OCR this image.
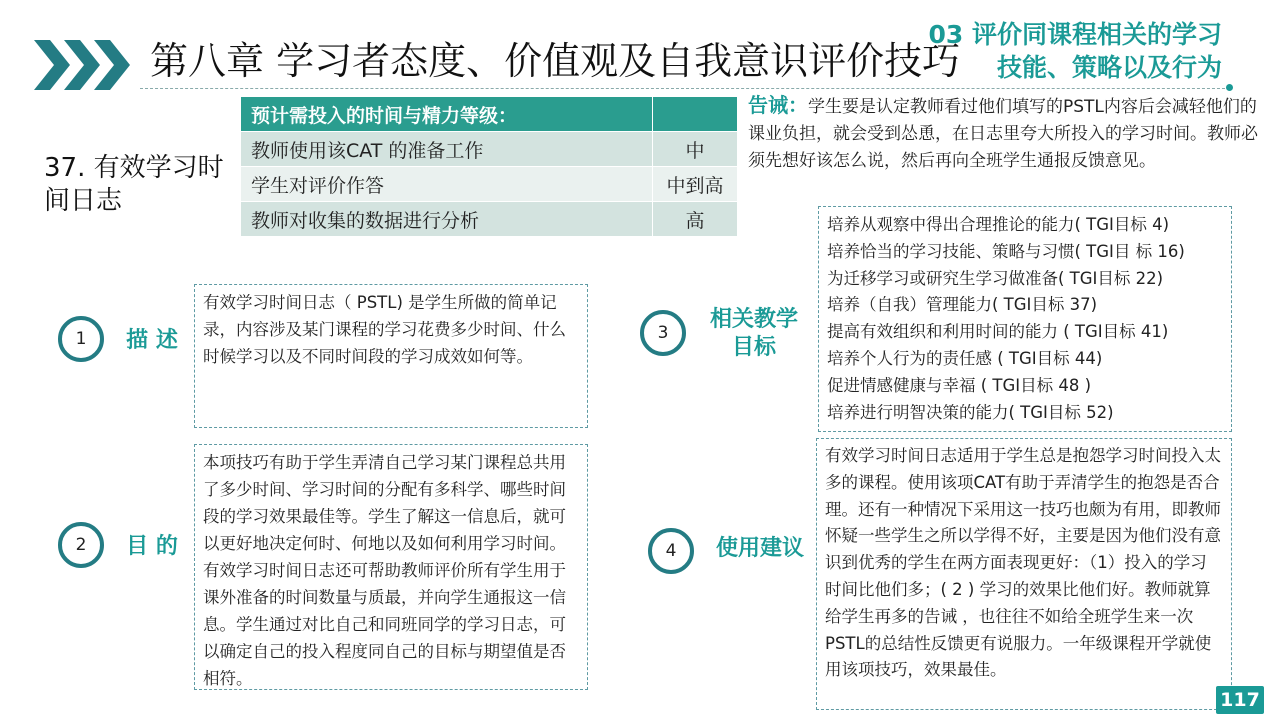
第八章 学习者态度、价值观及自我意识评价技巧
03 评价同课程相关的学习
技能、策略以及行为
37. 有效学习时
间日志
预计需投入的时间与精力等级：	
教师使用该CAT 的准备工作	中
学生对评价作答	中到高
教师对收集的数据进行分析	高
告诫：学生要是认定教师看过他们填写的PSTL内容后会减轻他们的课业负担，就会受到怂恿，在日志里夸大所投入的学习时间。教师必须先想好该怎么说，然后再向全班学生通报反馈意见。
1	描 述
有效学习时间日志（ PSTL) 是学生所做的简单记录，内容涉及某门课程的学习花费多少时间、什么时候学习以及不同时间段的学习成效如何等。
2	目 的
本项技巧有助于学生弄清自己学习某门课程总共用了多少时间、学习时间的分配有多科学、哪些时间段的学习效果最佳等。学生了解这一信息后，就可以更好地决定何时、何地以及如何利用学习时间。有效学习时间日志还可帮助教师评价所有学生用于课外准备的时间数量与质最，并向学生通报这一信息。学生通过对比自己和同班同学的学习日志，可以确定自己的投入程度同自己的目标与期望值是否相符。
3
相关教学
目标
培养从观察中得出合理推论的能力( TGI目标 4)
培养恰当的学习技能、策略与习惯( TGI目 标 16)
为迁移学习或研究生学习做准备( TGI目标 22)
培养（自我）管理能力( TGI目标 37)
提高有效组织和利用时间的能力 ( TGI目标 41)
培养个人行为的责任感 ( TGI目标 44)
促进情感健康与幸福 ( TGI目标 48 )
培养进行明智决策的能力( TGI目标 52)
4	使用建议
有效学习时间日志适用于学生总是抱怨学习时间投入太多的课程。使用该项CAT有助于弄清学生的抱怨是否合理。还有一种情况下采用这一技巧也颇为有用，即教师怀疑一些学生之所以学得不好，主要是因为他们没有意识到优秀的学生在两方面表现更好：（1）投入的学习时间比他们多；( 2 ) 学习的效果比他们好。教师就算给学生再多的告诫 ，也往往不如给全班学生来一次PSTL的总结性反馈更有说服力。一年级课程开学就使用该项技巧，效果最佳。
117
